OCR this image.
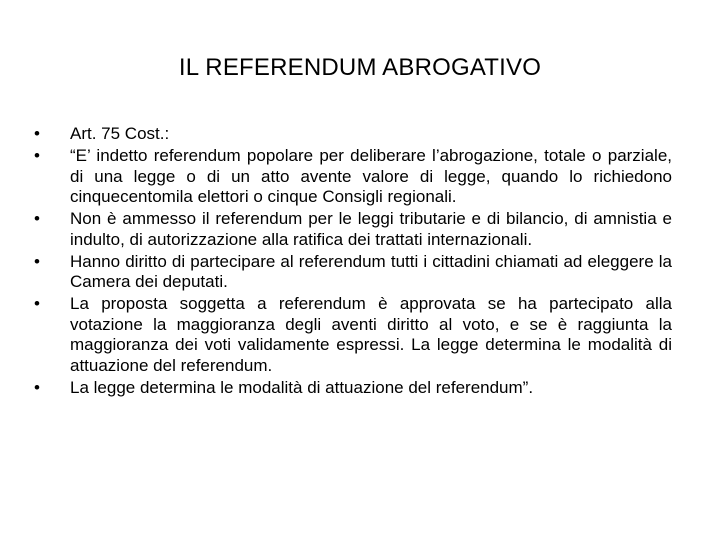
IL REFERENDUM ABROGATIVO
• Art. 75 Cost.:
• “E’ indetto referendum popolare per deliberare l’abrogazione, totale o parziale, di una legge o di un atto avente valore di legge, quando lo richiedono cinquecentomila elettori o cinque Consigli regionali.
• Non è ammesso il referendum per le leggi tributarie e di bilancio, di amnistia e indulto, di autorizzazione alla ratifica dei trattati internazionali.
• Hanno diritto di partecipare al referendum tutti i cittadini chiamati ad eleggere la Camera dei deputati.
• La proposta soggetta a referendum è approvata se ha partecipato alla votazione la maggioranza degli aventi diritto al voto, e se è raggiunta la maggioranza dei voti validamente espressi. La legge determina le modalità di attuazione del referendum.
• La legge determina le modalità di attuazione del referendum”.
